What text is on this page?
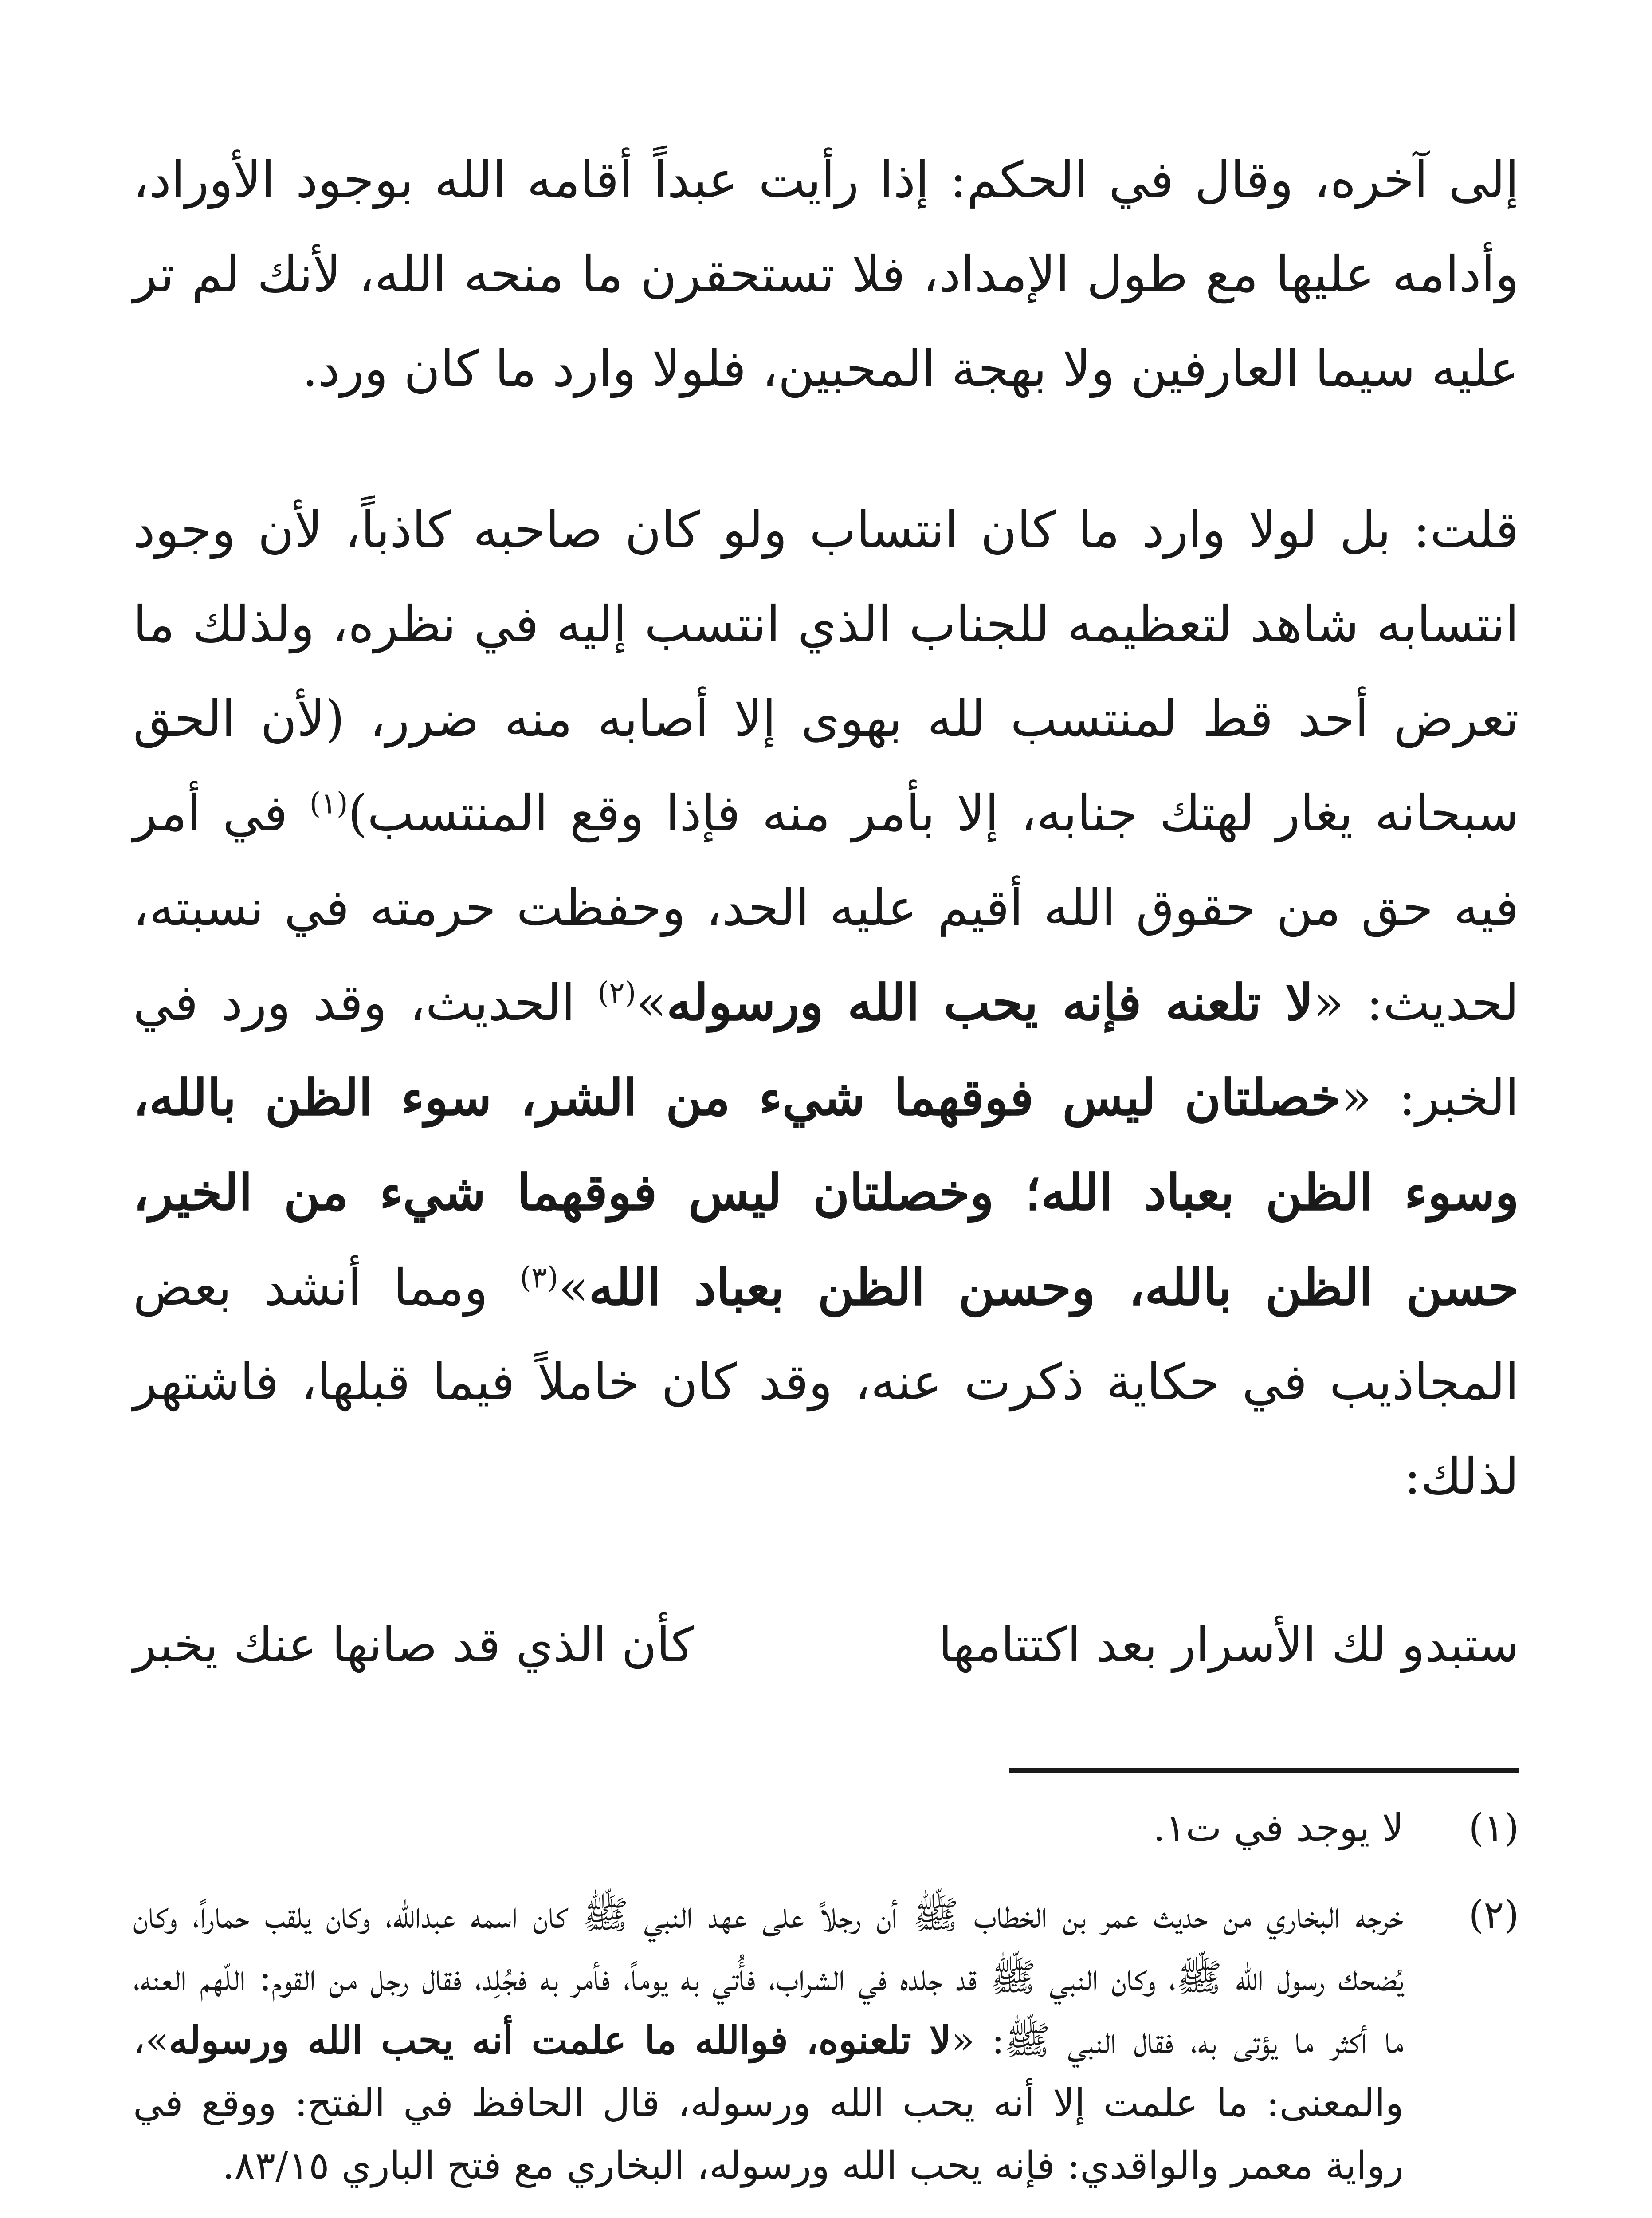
إلى آخره، وقال في الحكم: إذا رأيت عبداً أقامه الله بوجود الأوراد، وأدامه عليها مع طول الإمداد، فلا تستحقرن ما منحه الله، لأنك لم تر عليه سيما العارفين ولا بهجة المحبين، فلولا وارد ما كان ورد.

قلت: بل لولا وارد ما كان انتساب ولو كان صاحبه كاذباً، لأن وجود انتسابه شاهد لتعظيمه للجناب الذي انتسب إليه في نظره، ولذلك ما تعرض أحد قط لمنتسب لله بهوى إلا أصابه منه ضرر، (لأن الحق سبحانه يغار لهتك جنابه، إلا بأمر منه فإذا وقع المنتسب)$^{(١)}$ في أمر فيه حق من حقوق الله أقيم عليه الحد، وحفظت حرمته في نسبته، لحديث: «لا تلعنه فإنه يحب الله ورسوله»$^{(٢)}$ الحديث، وقد ورد في الخبر: «خصلتان ليس فوقهما شيء من الشر، سوء الظن بالله، وسوء الظن بعباد الله؛ وخصلتان ليس فوقهما شيء من الخير، حسن الظن بالله، وحسن الظن بعباد الله»$^{(٣)}$ ومما أنشد بعض المجاذيب في حكاية ذكرت عنه، وقد كان خاملاً فيما قبلها، فاشتهر لذلك:

ستبدو لك الأسرار بعد اكتتامها
كأن الذي قد صانها عنك يخبر

(١)
لا يوجد في ت١.

(٢)
خرجه البخاري من حديث عمر بن الخطاب ﷺ أن رجلاً على عهد النبي ﷺ كان اسمه عبدالله، وكان يلقب حماراً، وكان يُضحك رسول الله ﷺ، وكان النبي ﷺ قد جلده في الشراب، فأُتي به يوماً، فأمر به فجُلِد، فقال رجل من القوم: اللّهم العنه، ما أكثر ما يؤتى به، فقال النبي ﷺ: «لا تلعنوه، فوالله ما علمت أنه يحب الله ورسوله»، والمعنى: ما علمت إلا أنه يحب الله ورسوله، قال الحافظ في الفتح: ووقع في رواية معمر والواقدي: فإنه يحب الله ورسوله، البخاري مع فتح الباري ٨٣/١٥.
